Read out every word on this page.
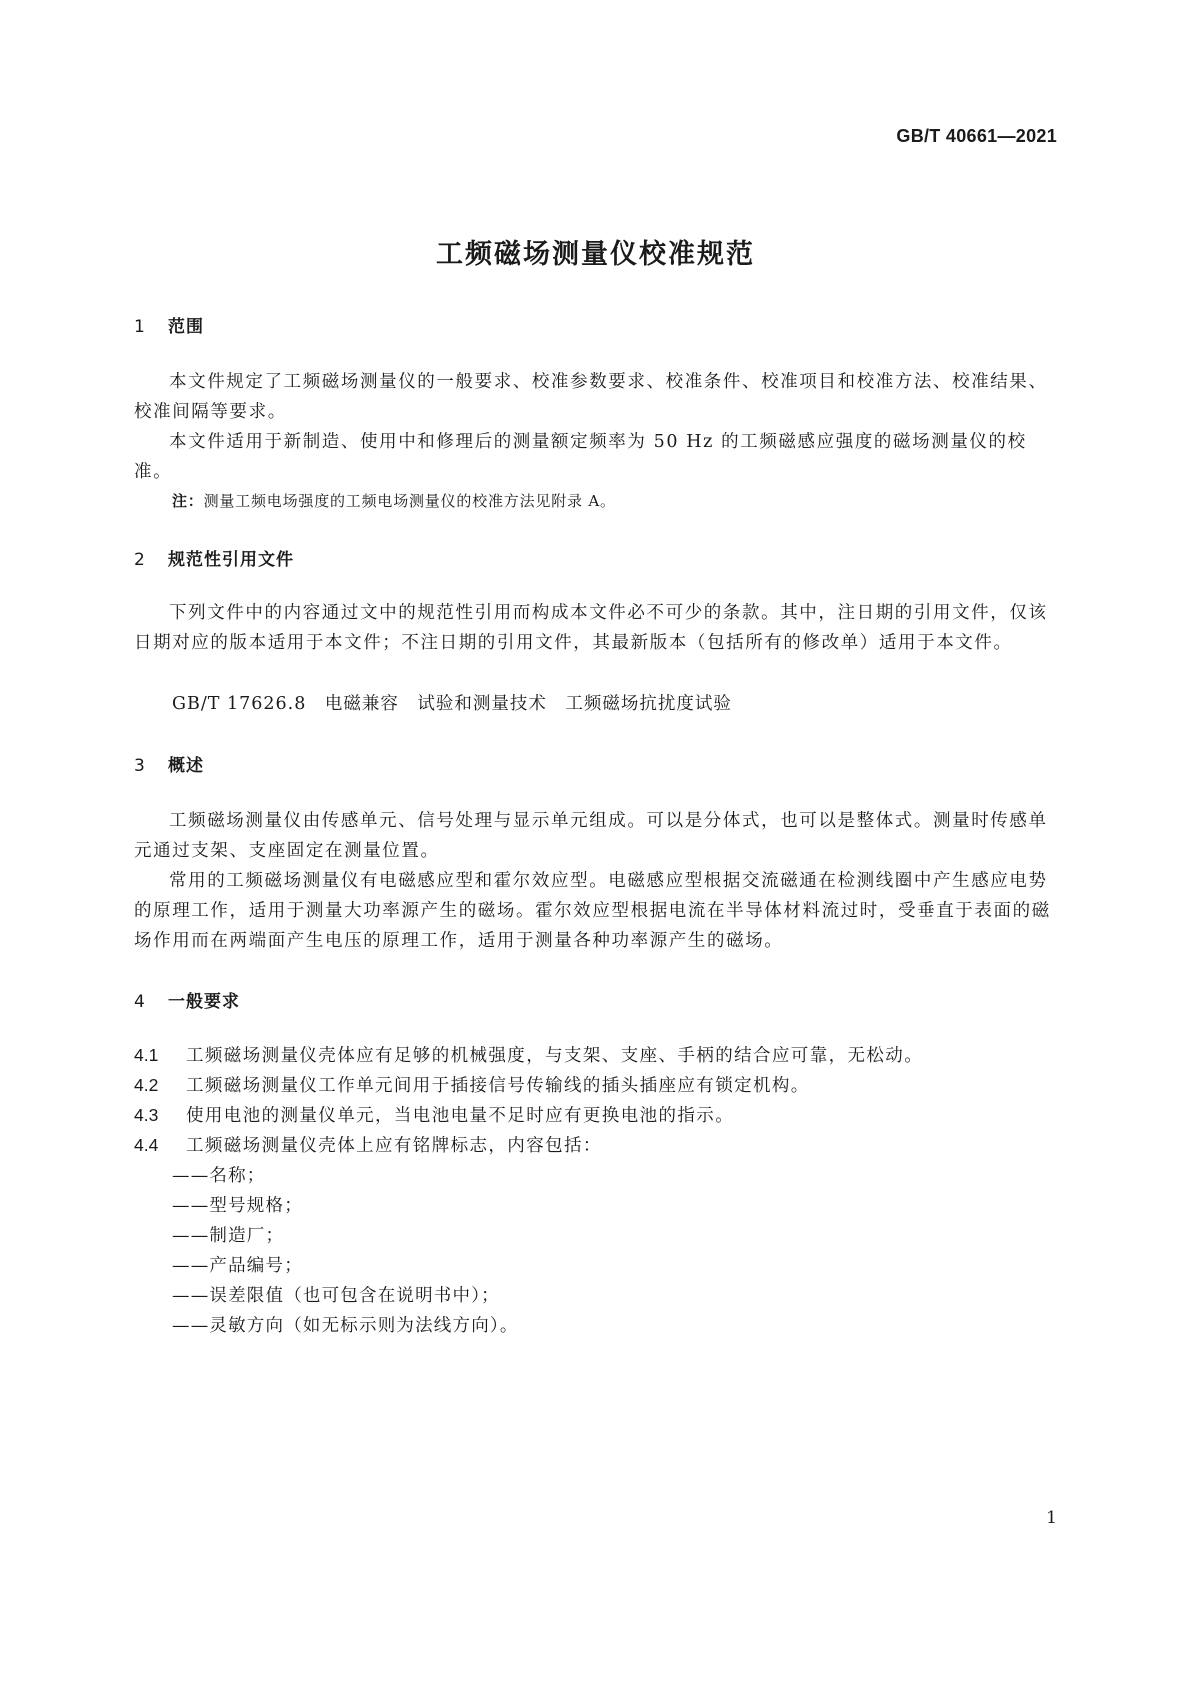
GB/T 40661—2021
工频磁场测量仪校准规范
1 范围

本文件规定了工频磁场测量仪的一般要求、校准参数要求、校准条件、校准项目和校准方法、校准结果、校准间隔等要求。

本文件适用于新制造、使用中和修理后的测量额定频率为 50 Hz 的工频磁感应强度的磁场测量仪的校准。

注：测量工频电场强度的工频电场测量仪的校准方法见附录 A。
2 规范性引用文件

下列文件中的内容通过文中的规范性引用而构成本文件必不可少的条款。其中，注日期的引用文件，仅该日期对应的版本适用于本文件；不注日期的引用文件，其最新版本（包括所有的修改单）适用于本文件。

GB/T 17626.8　电磁兼容　试验和测量技术　工频磁场抗扰度试验
3 概述

工频磁场测量仪由传感单元、信号处理与显示单元组成。可以是分体式，也可以是整体式。测量时传感单元通过支架、支座固定在测量位置。

常用的工频磁场测量仪有电磁感应型和霍尔效应型。电磁感应型根据交流磁通在检测线圈中产生感应电势的原理工作，适用于测量大功率源产生的磁场。霍尔效应型根据电流在半导体材料流过时，受垂直于表面的磁场作用而在两端面产生电压的原理工作，适用于测量各种功率源产生的磁场。

4 一般要求
4.1 工频磁场测量仪壳体应有足够的机械强度，与支架、支座、手柄的结合应可靠，无松动。
4.2 工频磁场测量仪工作单元间用于插接信号传输线的插头插座应有锁定机构。
4.3 使用电池的测量仪单元，当电池电量不足时应有更换电池的指示。
4.4 工频磁场测量仪壳体上应有铭牌标志，内容包括：
——名称；
——型号规格；
——制造厂；
——产品编号；
——误差限值（也可包含在说明书中）；
——灵敏方向（如无标示则为法线方向）。
1
